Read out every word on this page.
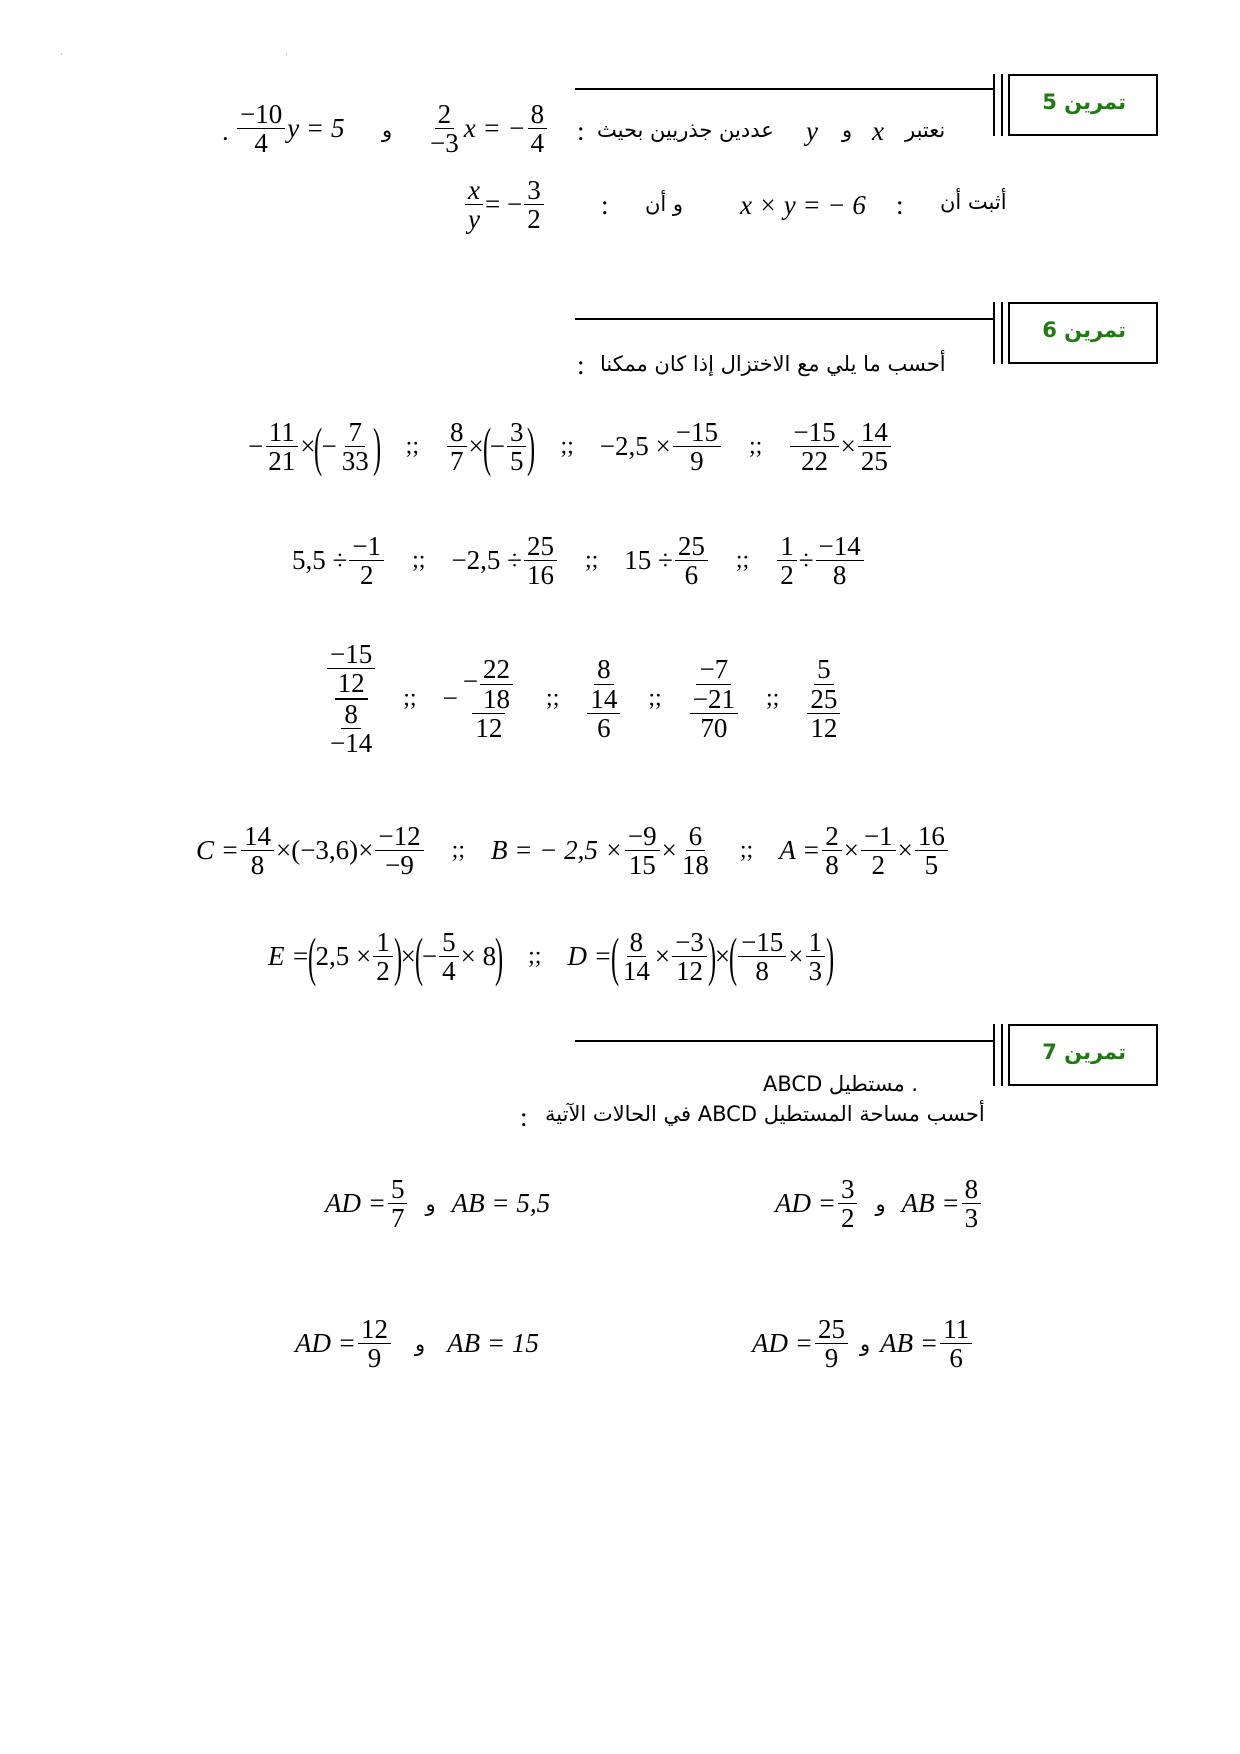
·	·
تمرين 5
نعتبر
x
و
y
عددين جذريين بحيث
:
2
−3 x = − $\frac{8}{4}$
و
−10
4 y = 5
.
أثبت أن
:
x × y = − 6
و أن
:
$\frac{x}{y}$ = − $\frac{3}{2}$
تمرين 6
أحسب ما يلي مع الاختزال إذا كان ممكنا
:
− $\frac{11}{21}$ ×
(
− $\frac{7}{33}$ ) ;; $\frac{8}{7}$ ×
(
− $\frac{3}{5}$ ) ;; $-2,5 \times \frac{-15}{9}$ ;; $\frac{-15}{22} \times \frac{14}{25}$
$5,5 \div \frac{-1}{2}$ ;; $-2,5 \div \frac{25}{16}$ ;; $15 \div \frac{25}{6}$ ;; $\frac{1}{2} \div \frac{-14}{8}$
−15
12
8
−14
;; − $\frac{- \frac{22}{18}}{12}$ ;;
8
14
6
;;
−7
−21
70
;;
5
25
12
$C = \frac{14}{8} \times (-3,6) \times \frac{-12}{-9}$ ;; B = − $2,5 \times \frac{-9}{15} \times \frac{6}{18}$ ;; $A = \frac{2}{8} \times \frac{-1}{2} \times \frac{16}{5}$
E =
(
$2,5 \times \frac{1}{2}$ )
×
(
− $\frac{5}{4} \times 8$
) ;; D =
( $\frac{8}{14} \times \frac{-3}{12}$ )
×
( $\frac{-15}{8} \times \frac{1}{3}$ )
تمرين 7
ABCD مستطيل .
أحسب مساحة المستطيل ABCD في الحالات الآتية
:
AD = $\frac{5}{7}$ و AB = 5,5	AD = $\frac{3}{2}$ و AB = $\frac{8}{3}$
AD = $\frac{12}{9}$ و AB = 15	AD = $\frac{25}{9}$ و AB = $\frac{11}{6}$
